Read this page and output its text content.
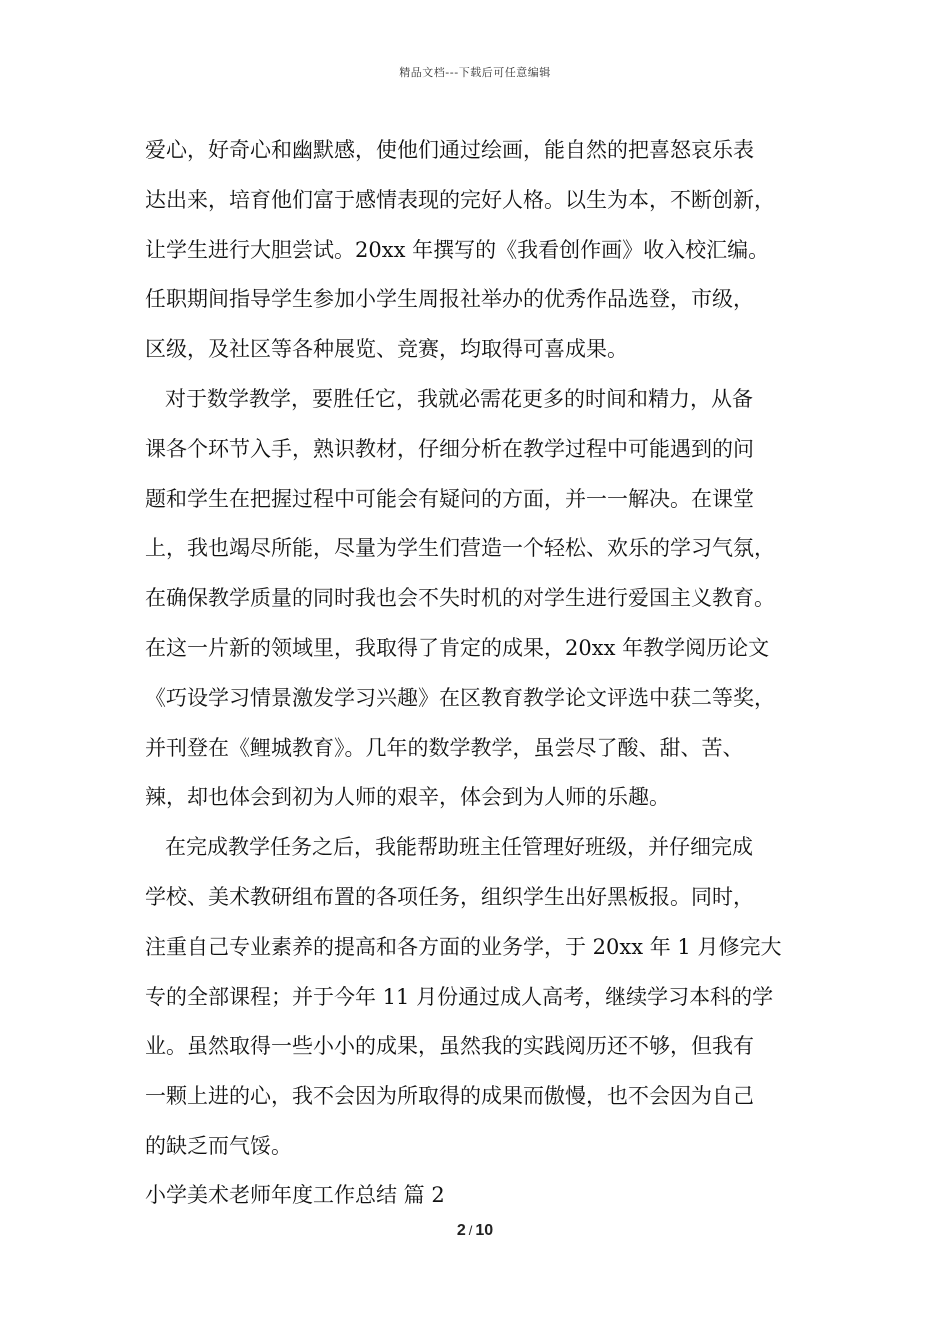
精品文档---下载后可任意编辑
爱心，好奇心和幽默感，使他们通过绘画，能自然的把喜怒哀乐表
达出来，培育他们富于感情表现的完好人格。以生为本，不断创新，
让学生进行大胆尝试。20xx 年撰写的《我看创作画》收入校汇编。
任职期间指导学生参加小学生周报社举办的优秀作品选登，市级，
区级，及社区等各种展览、竞赛，均取得可喜成果。
对于数学教学，要胜任它，我就必需花更多的时间和精力，从备
课各个环节入手，熟识教材，仔细分析在教学过程中可能遇到的问
题和学生在把握过程中可能会有疑问的方面，并一一解决。在课堂
上，我也竭尽所能，尽量为学生们营造一个轻松、欢乐的学习气氛，
在确保教学质量的同时我也会不失时机的对学生进行爱国主义教育。
在这一片新的领域里，我取得了肯定的成果，20xx 年教学阅历论文
《巧设学习情景激发学习兴趣》在区教育教学论文评选中获二等奖，
并刊登在《鲤城教育》。几年的数学教学，虽尝尽了酸、甜、苦、
辣，却也体会到初为人师的艰辛，体会到为人师的乐趣。
在完成教学任务之后，我能帮助班主任管理好班级，并仔细完成
学校、美术教研组布置的各项任务，组织学生出好黑板报。同时，
注重自己专业素养的提高和各方面的业务学，于 20xx 年 1 月修完大
专的全部课程；并于今年 11 月份通过成人高考，继续学习本科的学
业。虽然取得一些小小的成果，虽然我的实践阅历还不够，但我有
一颗上进的心，我不会因为所取得的成果而傲慢，也不会因为自己
的缺乏而气馁。
小学美术老师年度工作总结 篇 2
2 / 10
